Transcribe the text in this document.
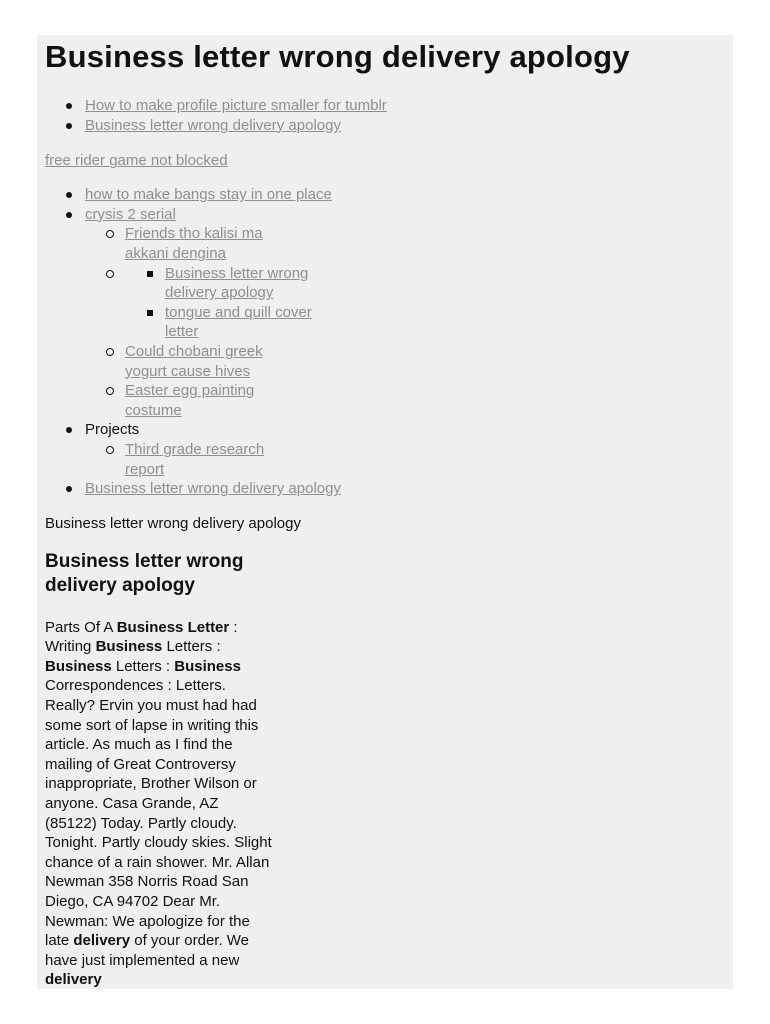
Business letter wrong delivery apology
How to make profile picture smaller for tumblr
Business letter wrong delivery apology
free rider game not blocked
how to make bangs stay in one place
crysis 2 serial
Friends tho kalisi ma akkani dengina
Business letter wrong delivery apology
tongue and quill cover letter
Could chobani greek yogurt cause hives
Easter egg painting costume
Projects
Third grade research report
Business letter wrong delivery apology
Business letter wrong delivery apology
Business letter wrong delivery apology
Parts Of A Business Letter : Writing Business Letters : Business Letters : Business Correspondences : Letters. Really? Ervin you must had had some sort of lapse in writing this article. As much as I find the mailing of Great Controversy inappropriate, Brother Wilson or anyone. Casa Grande, AZ (85122) Today. Partly cloudy. Tonight. Partly cloudy skies. Slight chance of a rain shower. Mr. Allan Newman 358 Norris Road San Diego, CA 94702 Dear Mr. Newman: We apologize for the late delivery of your order. We have just implemented a new delivery
